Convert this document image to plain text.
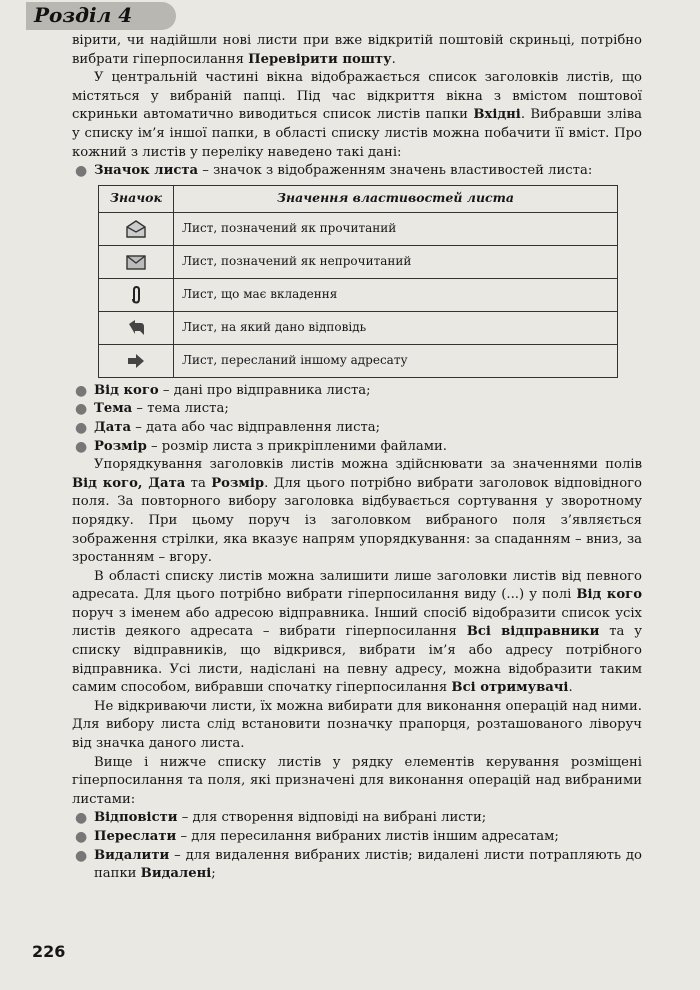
Розділ 4

вірити, чи надійшли нові листи при вже відкритій поштовій скриньці, потрібно вибрати гіперпосилання Перевірити пошту.

У центральній частині вікна відображається список заголовків листів, що містяться у вибраній папці. Під час відкриття вікна з вмістом поштової скриньки автоматично виводиться список листів папки Вхідні. Вибравши зліва у списку ім’я іншої папки, в області списку листів можна побачити її вміст. Про кожний з листів у переліку наведено такі дані:

● Значок листа – значок з відображенням значень властивостей листа:
Значок	Значення властивостей листа
	Лист, позначений як прочитаний
	Лист, позначений як непрочитаний
	Лист, що має вкладення
	Лист, на який дано відповідь
	Лист, пересланий іншому адресату
● Від кого – дані про відправника листа;
● Тема – тема листа;
● Дата – дата або час відправлення листа;
● Розмір – розмір листа з прикріпленими файлами.

Упорядкування заголовків листів можна здійснювати за значеннями полів Від кого, Дата та Розмір. Для цього потрібно вибрати заголовок відповідного поля. За повторного вибору заголовка відбувається сортування у зворотному порядку. При цьому поруч із заголовком вибраного поля з’являється зображення стрілки, яка вказує напрям упорядкування: за спаданням – вниз, за зростанням – вгору.

В області списку листів можна залишити лише заголовки листів від певного адресата. Для цього потрібно вибрати гіперпосилання виду (...) у полі Від кого поруч з іменем або адресою відправника. Інший спосіб відобразити список усіх листів деякого адресата – вибрати гіперпосилання Всі відправники та у списку відправників, що відкрився, вибрати ім’я або адресу потрібного відправника. Усі листи, надіслані на певну адресу, можна відобразити таким самим способом, вибравши спочатку гіперпосилання Всі отримувачі.

Не відкриваючи листи, їх можна вибирати для виконання операцій над ними. Для вибору листа слід встановити позначку прапорця, розташованого ліворуч від значка даного листа.

Вище і нижче списку листів у рядку елементів керування розміщені гіперпосилання та поля, які призначені для виконання операцій над вибраними листами:

● Відповісти – для створення відповіді на вибрані листи;
● Переслати – для пересилання вибраних листів іншим адресатам;
● Видалити – для видалення вибраних листів; видалені листи потрапляють до папки Видалені;
226
